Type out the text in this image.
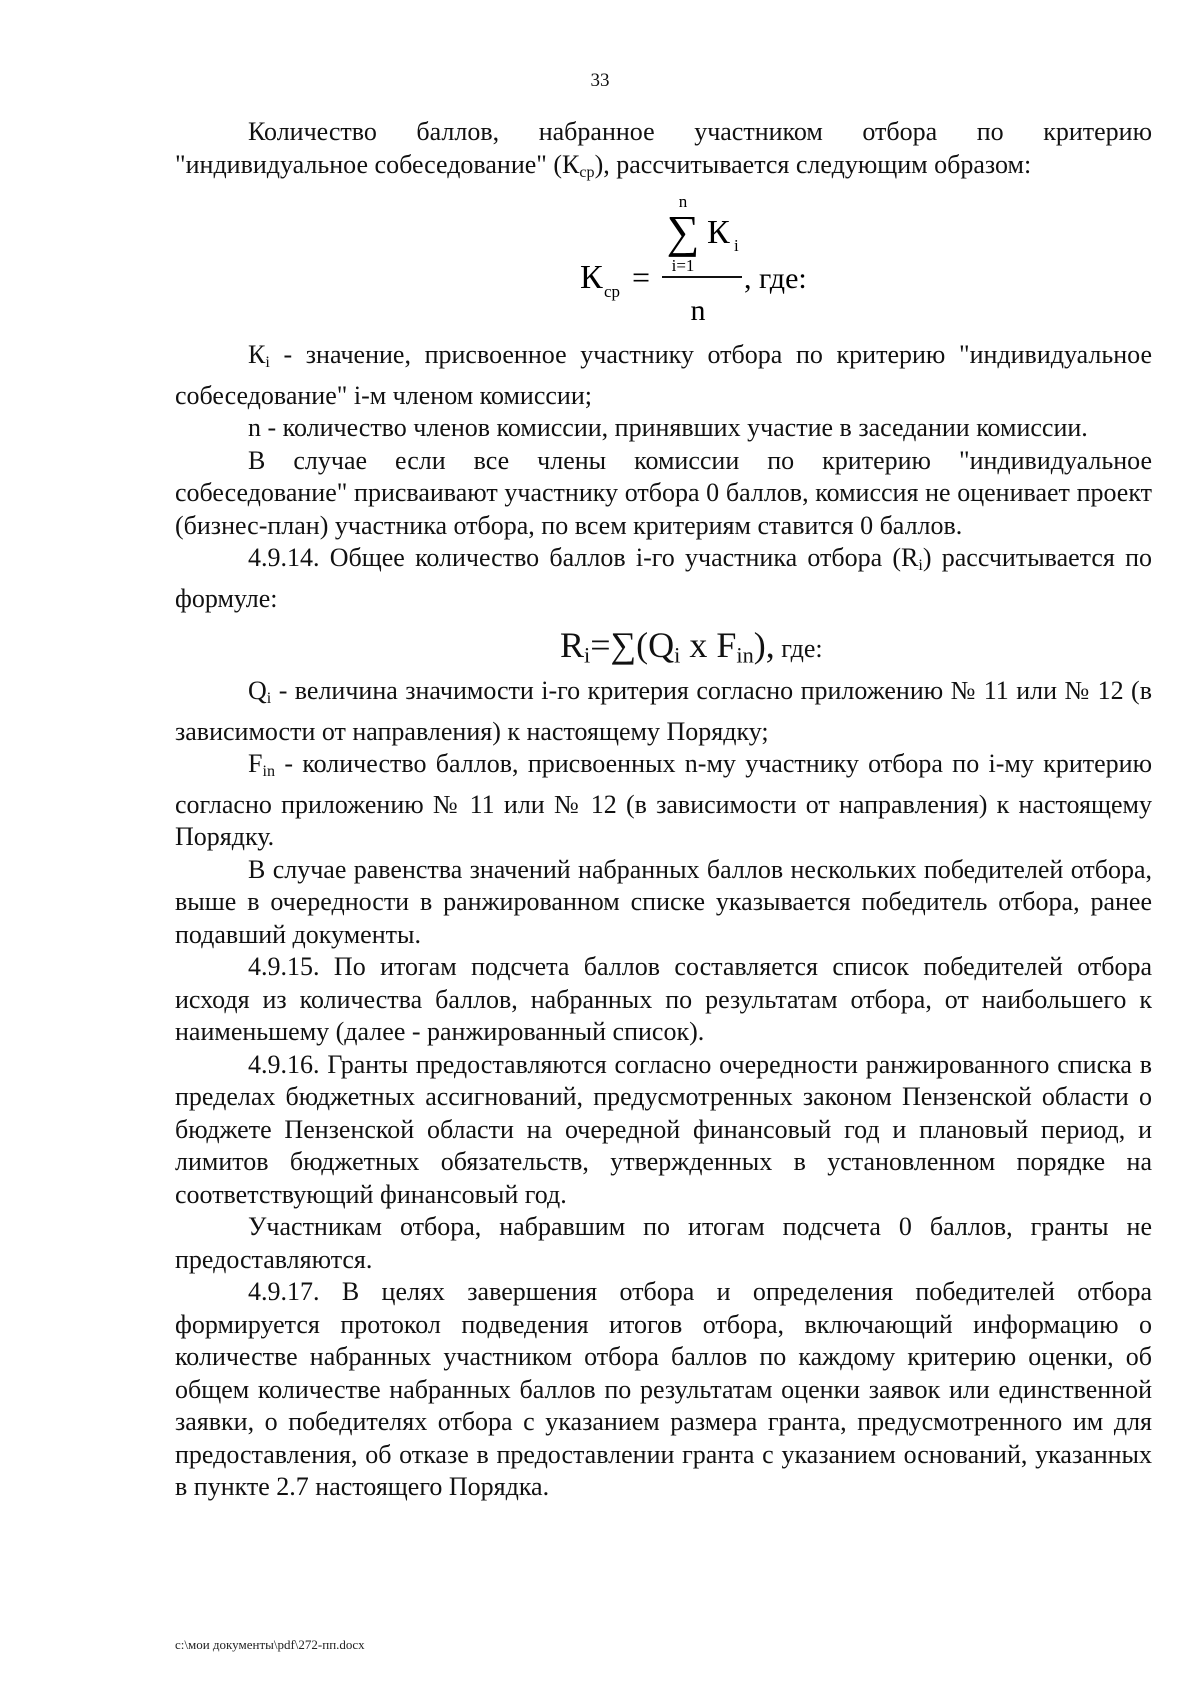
33

Количество баллов, набранное участником отбора по критерию "индивидуальное собеседование" $(К_{ср})$, рассчитывается следующим образом:

n
∑ К i
i=1
К ср =
n
, где:

$К_i$ - значение, присвоенное участнику отбора по критерию "индивидуальное собеседование" i-м членом комиссии;

n - количество членов комиссии, принявших участие в заседании комиссии.

В случае если все члены комиссии по критерию "индивидуальное собеседование" присваивают участнику отбора 0 баллов, комиссия не оценивает проект (бизнес-план) участника отбора, по всем критериям ставится 0 баллов.

4.9.14. Общее количество баллов i-го участника отбора $(R_i)$ рассчитывается по формуле:

$R_i=\sum(Q_i$ x $F_{in}$), где:

$Q_i$ - величина значимости i-го критерия согласно приложению № 11 или № 12 (в зависимости от направления) к настоящему Порядку;

$F_{in}$ - количество баллов, присвоенных n-му участнику отбора по i-му критерию согласно приложению № 11 или № 12 (в зависимости от направления) к настоящему Порядку.

В случае равенства значений набранных баллов нескольких победителей отбора, выше в очередности в ранжированном списке указывается победитель отбора, ранее подавший документы.

4.9.15. По итогам подсчета баллов составляется список победителей отбора исходя из количества баллов, набранных по результатам отбора, от наибольшего к наименьшему (далее - ранжированный список).

4.9.16. Гранты предоставляются согласно очередности ранжированного списка в пределах бюджетных ассигнований, предусмотренных законом Пензенской области о бюджете Пензенской области на очередной финансовый год и плановый период, и лимитов бюджетных обязательств, утвержденных в установленном порядке на соответствующий финансовый год.

Участникам отбора, набравшим по итогам подсчета 0 баллов, гранты не предоставляются.

4.9.17. В целях завершения отбора и определения победителей отбора формируется протокол подведения итогов отбора, включающий информацию о количестве набранных участником отбора баллов по каждому критерию оценки, об общем количестве набранных баллов по результатам оценки заявок или единственной заявки, о победителях отбора с указанием размера гранта, предусмотренного им для предоставления, об отказе в предоставлении гранта с указанием оснований, указанных в пункте 2.7 настоящего Порядка.

c:\мои документы\pdf\272-пп.docx
